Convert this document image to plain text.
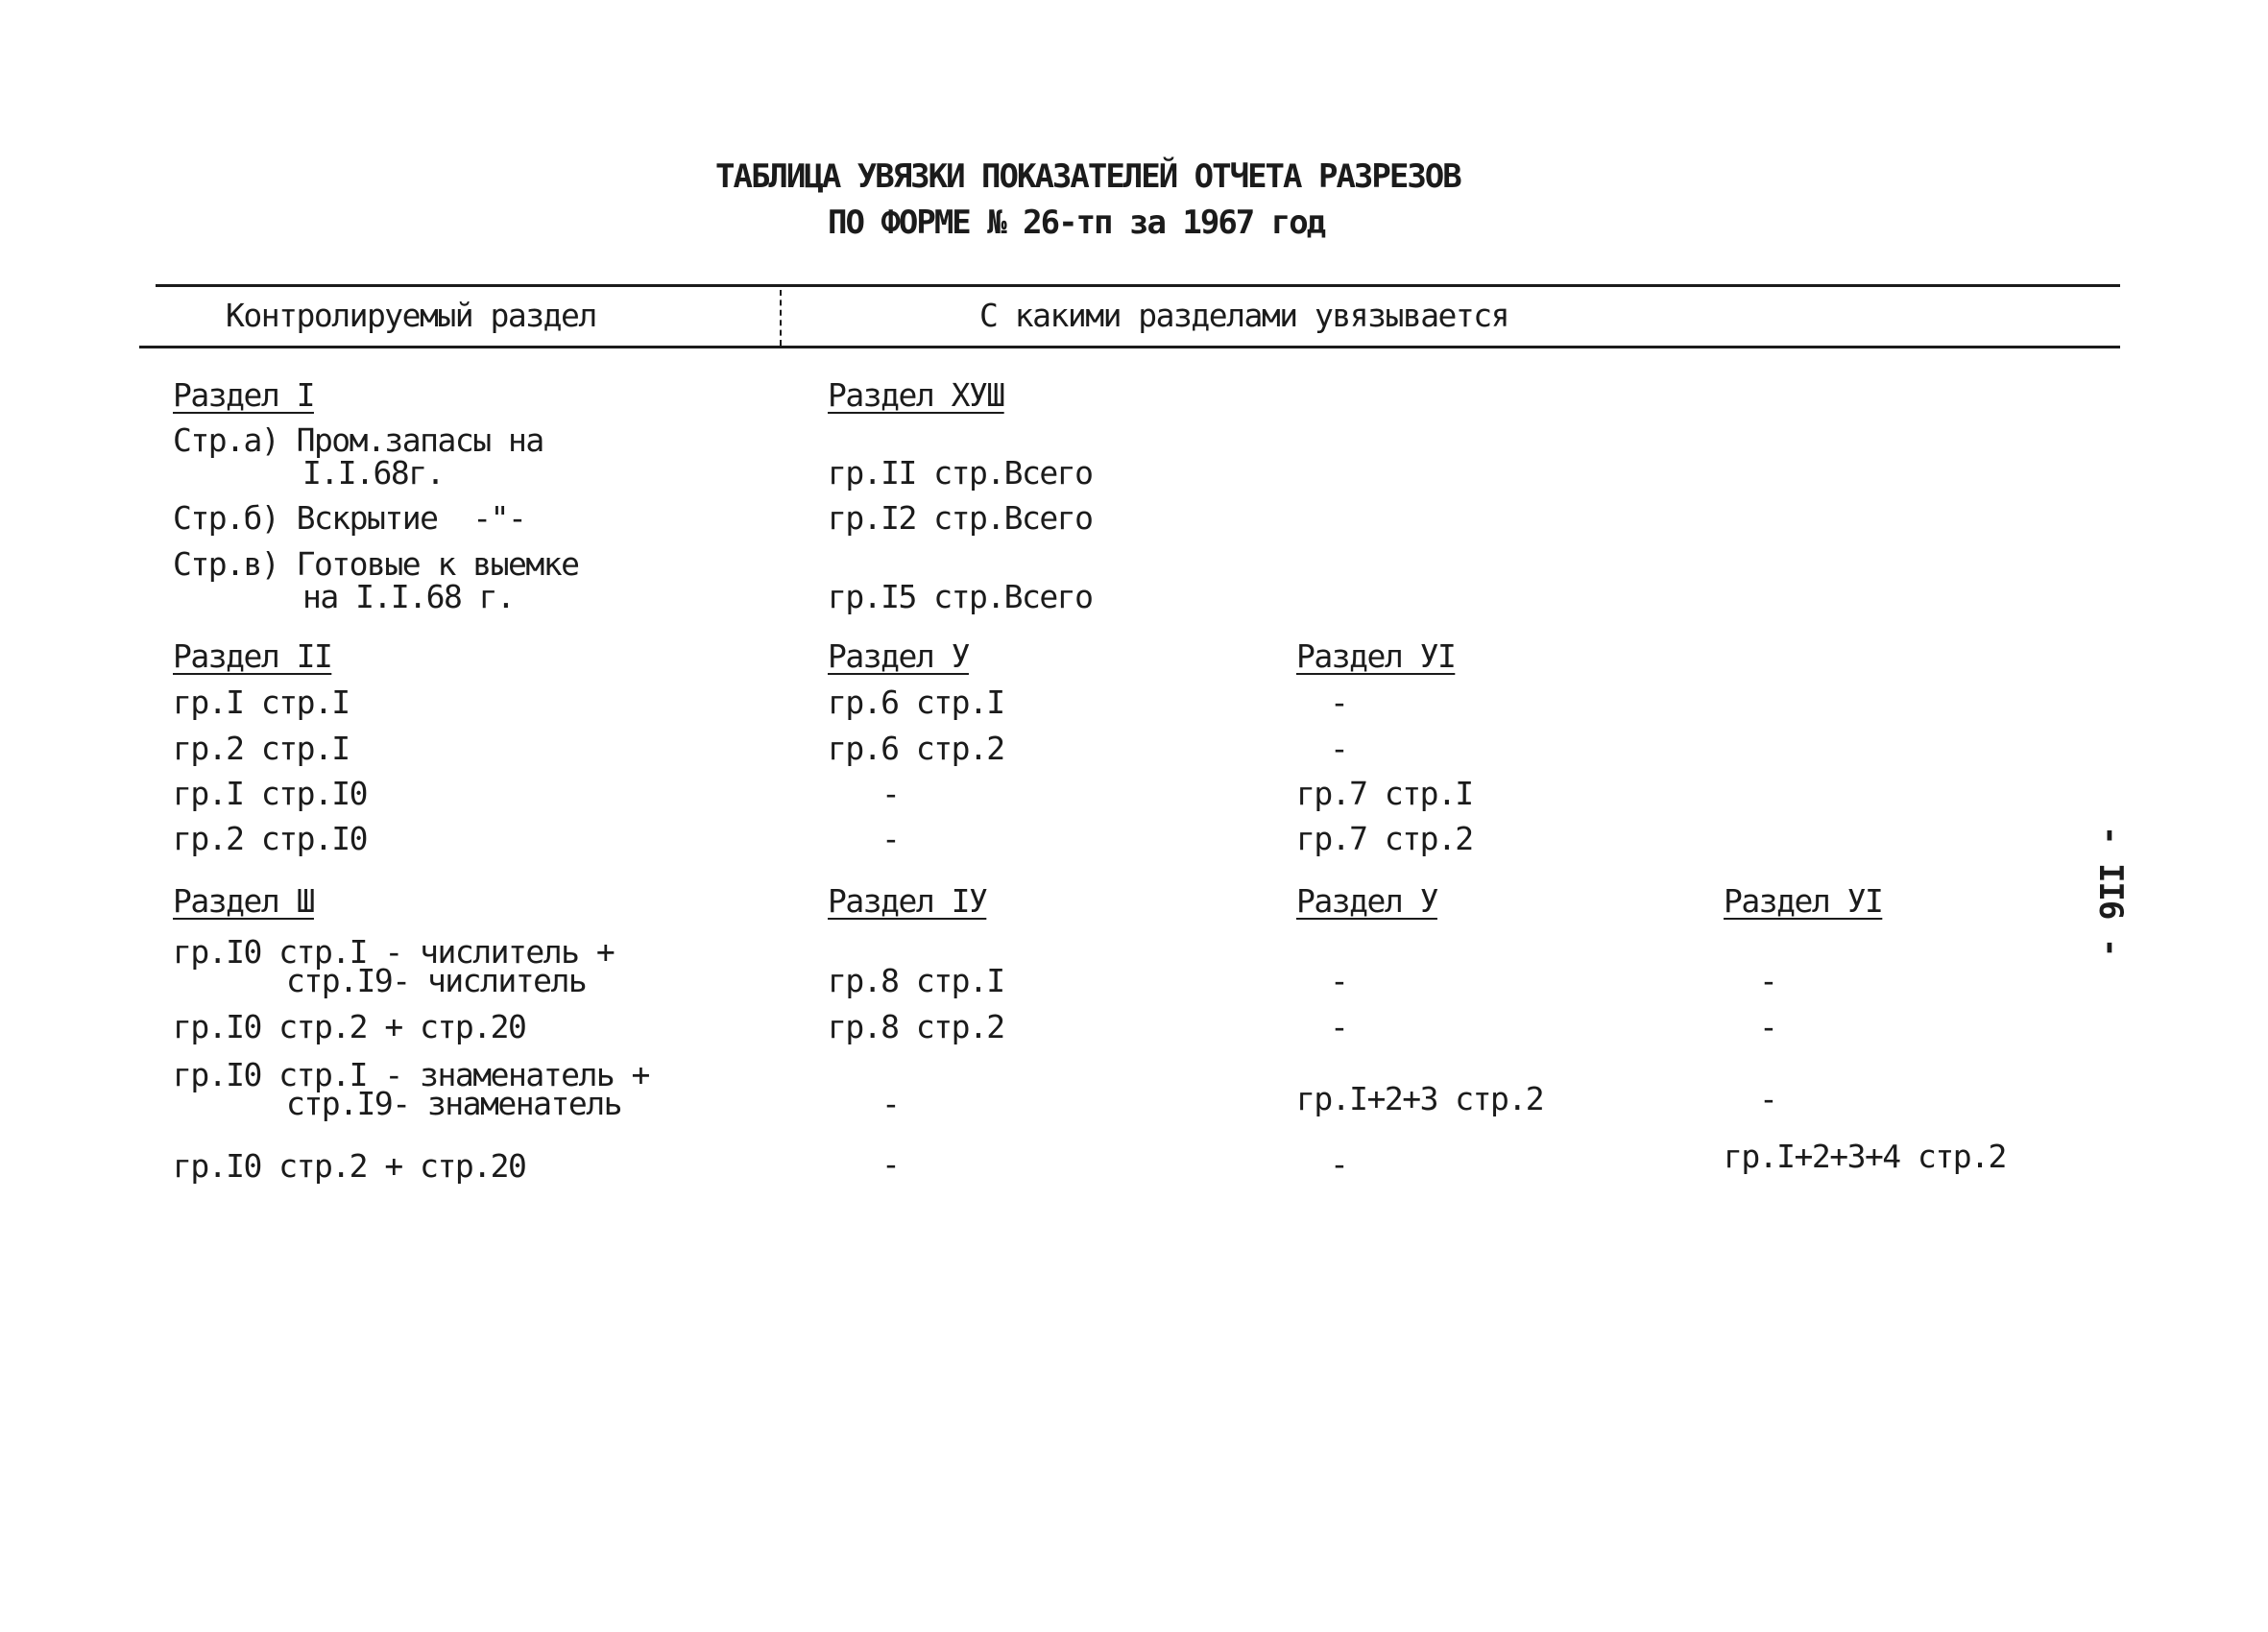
ТАБЛИЦА УВЯЗКИ ПОКАЗАТЕЛЕЙ ОТЧЕТА РАЗРЕЗОВ
ПО ФОРМЕ № 26-тп за 1967 год
Контролируемый раздел	С какими разделами увязывается
Раздел I	Раздел ХУШ
Стр.а) Пром.запасы на
I.I.68г.	гр.II стр.Всего
Стр.б) Вскрытие  -"-	гр.I2 стр.Всего
Стр.в) Готовые к выемке
на I.I.68 г.	гр.I5 стр.Всего
Раздел II	Раздел У	Раздел УI
гр.I стр.I	гр.6 стр.I	-
гр.2 стр.I	гр.6 стр.2	-
гр.I стр.I0	-	гр.7 стр.I
гр.2 стр.I0	-	гр.7 стр.2
Раздел Ш	Раздел IУ	Раздел У	Раздел УI
гр.I0 стр.I - числитель +
стр.I9- числитель	гр.8 стр.I	-	-
гр.I0 стр.2 + стр.20	гр.8 стр.2	-	-
гр.I0 стр.I - знаменатель +
стр.I9- знаменатель	-	гр.I+2+3 стр.2	-
гр.I0 стр.2 + стр.20	-	-	гр.I+2+3+4 стр.2
- II6 -
